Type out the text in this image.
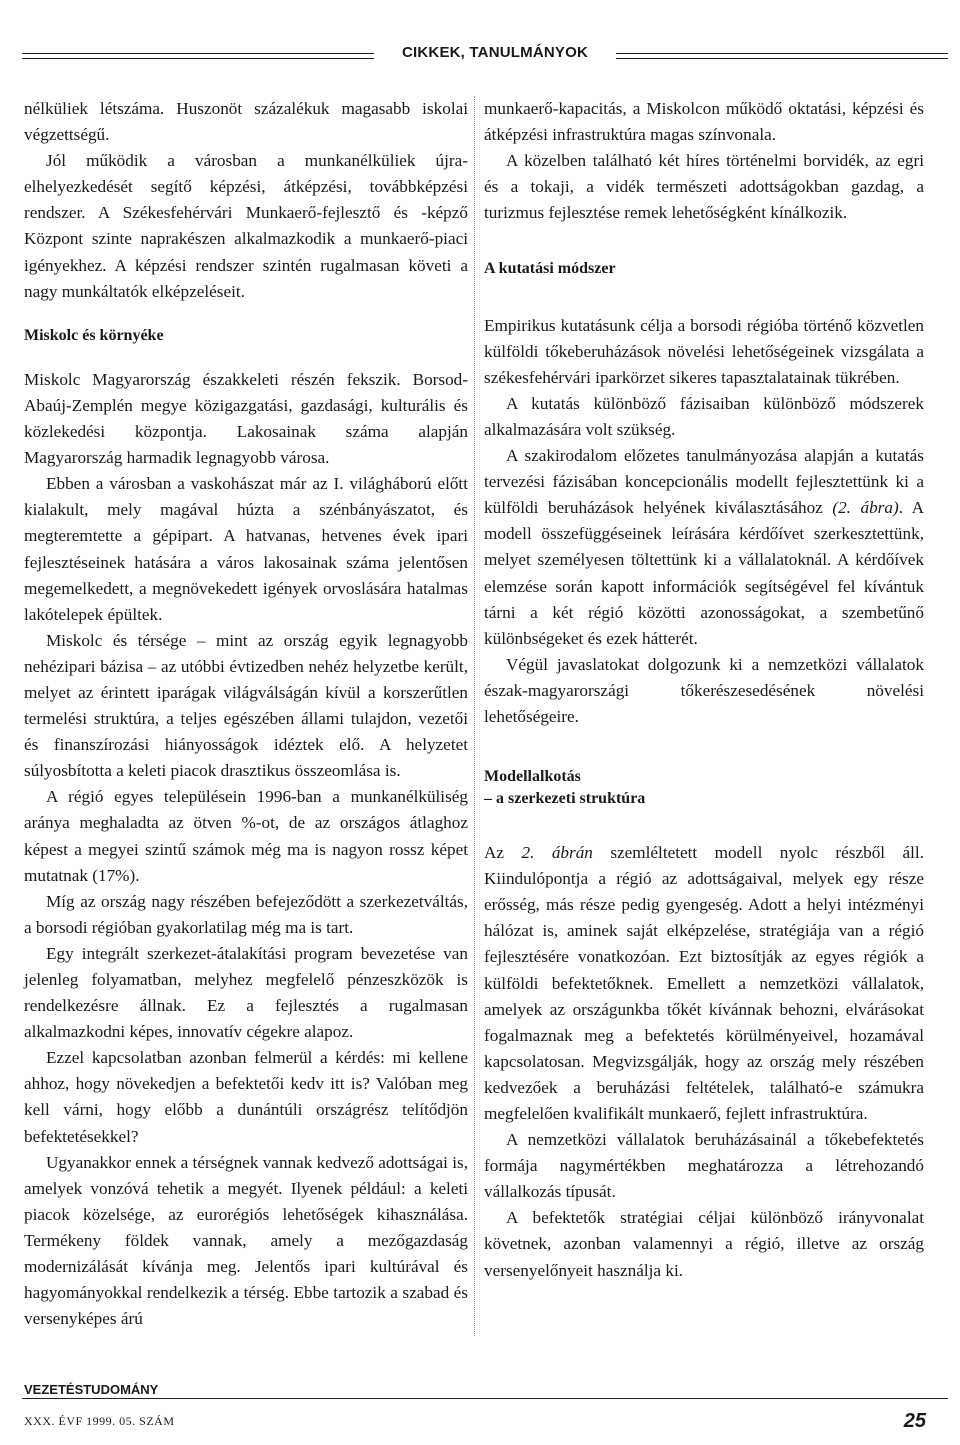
CIKKEK, TANULMÁNYOK

nélküliek létszáma. Huszonöt százalékuk magasabb iskolai végzettségű.

Jól működik a városban a munkanélküliek újra-elhelyezkedését segítő képzési, átképzési, továbbképzési rendszer. A Székesfehérvári Munkaerő-fejlesztő és -képző Központ szinte naprakészen alkalmazkodik a munkaerő-piaci igényekhez. A képzési rendszer szintén rugalmasan követi a nagy munkáltatók elképzeléseit.

Miskolc és környéke

Miskolc Magyarország északkeleti részén fekszik. Borsod-Abaúj-Zemplén megye közigazgatási, gazdasági, kulturális és közlekedési központja. Lakosainak száma alapján Magyarország harmadik legnagyobb városa.

Ebben a városban a vaskohászat már az I. világháború előtt kialakult, mely magával húzta a szénbányászatot, és megteremtette a gépipart. A hatvanas, hetvenes évek ipari fejlesztéseinek hatására a város lakosainak száma jelentősen megemelkedett, a megnövekedett igények orvoslására hatalmas lakótelepek épültek.

Miskolc és térsége – mint az ország egyik legnagyobb nehézipari bázisa – az utóbbi évtizedben nehéz helyzetbe került, melyet az érintett iparágak világválságán kívül a korszerűtlen termelési struktúra, a teljes egészében állami tulajdon, vezetői és finanszírozási hiányosságok idéztek elő. A helyzetet súlyosbította a keleti piacok drasztikus összeomlása is.

A régió egyes településein 1996-ban a munkanélküliség aránya meghaladta az ötven %-ot, de az országos átlaghoz képest a megyei szintű számok még ma is nagyon rossz képet mutatnak (17%).

Míg az ország nagy részében befejeződött a szerkezetváltás, a borsodi régióban gyakorlatilag még ma is tart.

Egy integrált szerkezet-átalakítási program bevezetése van jelenleg folyamatban, melyhez megfelelő pénzeszközök is rendelkezésre állnak. Ez a fejlesztés a rugalmasan alkalmazkodni képes, innovatív cégekre alapoz.

Ezzel kapcsolatban azonban felmerül a kérdés: mi kellene ahhoz, hogy növekedjen a befektetői kedv itt is? Valóban meg kell várni, hogy előbb a dunántúli országrész telítődjön befektetésekkel?

Ugyanakkor ennek a térségnek vannak kedvező adottságai is, amelyek vonzóvá tehetik a megyét. Ilyenek például: a keleti piacok közelsége, az eurorégiós lehetőségek kihasználása. Termékeny földek vannak, amely a mezőgazdaság modernizálását kívánja meg. Jelentős ipari kultúrával és hagyományokkal rendelkezik a térség. Ebbe tartozik a szabad és versenyképes árú

munkaerő-kapacitás, a Miskolcon működő oktatási, képzési és átképzési infrastruktúra magas színvonala.

A közelben található két híres történelmi borvidék, az egri és a tokaji, a vidék természeti adottságokban gazdag, a turizmus fejlesztése remek lehetőségként kínálkozik.

A kutatási módszer

Empirikus kutatásunk célja a borsodi régióba történő közvetlen külföldi tőkeberuházások növelési lehetőségeinek vizsgálata a székesfehérvári iparkörzet sikeres tapasztalatainak tükrében.

A kutatás különböző fázisaiban különböző módszerek alkalmazására volt szükség.

A szakirodalom előzetes tanulmányozása alapján a kutatás tervezési fázisában koncepcionális modellt fejlesztettünk ki a külföldi beruházások helyének kiválasztásához (2. ábra). A modell összefüggéseinek leírására kérdőívet szerkesztettünk, melyet személyesen töltettünk ki a vállalatoknál. A kérdőívek elemzése során kapott információk segítségével fel kívántuk tárni a két régió közötti azonosságokat, a szembetűnő különbségeket és ezek hátterét.

Végül javaslatokat dolgozunk ki a nemzetközi vállalatok észak-magyarországi tőkerészesedésének növelési lehetőségeire.

Modellalkotás
– a szerkezeti struktúra

Az 2. ábrán szemléltetett modell nyolc részből áll. Kiindulópontja a régió az adottságaival, melyek egy része erősség, más része pedig gyengeség. Adott a helyi intézményi hálózat is, aminek saját elképzelése, stratégiája van a régió fejlesztésére vonatkozóan. Ezt biztosítják az egyes régiók a külföldi befektetőknek. Emellett a nemzetközi vállalatok, amelyek az országunkba tőkét kívánnak behozni, elvárásokat fogalmaznak meg a befektetés körülményeivel, hozamával kapcsolatosan. Megvizsgálják, hogy az ország mely részében kedvezőek a beruházási feltételek, található-e számukra megfelelően kvalifikált munkaerő, fejlett infrastruktúra.

A nemzetközi vállalatok beruházásainál a tőkebefektetés formája nagymértékben meghatározza a létrehozandó vállalkozás típusát.

A befektetők stratégiai céljai különböző irányvonalat követnek, azonban valamennyi a régió, illetve az ország versenyelőnyeit használja ki.

VEZETÉSTUDOMÁNY
XXX. ÉVF 1999. 05. SZÁM	25
